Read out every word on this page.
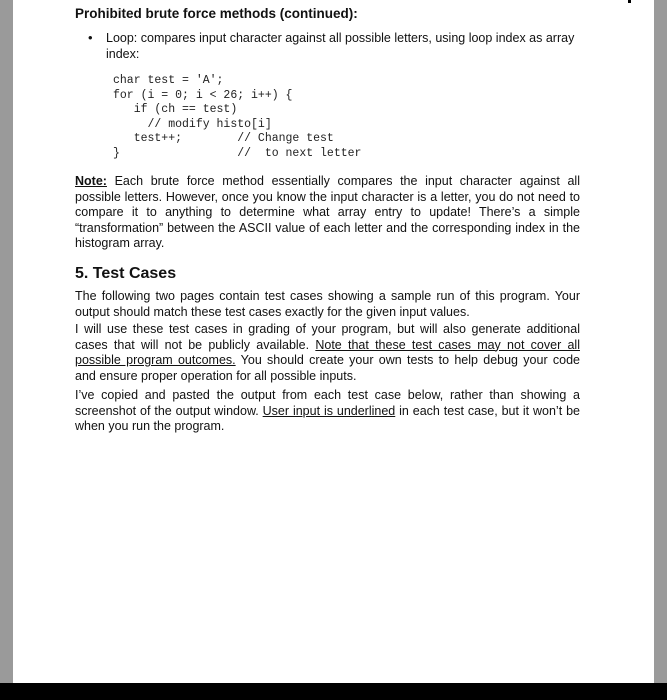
Prohibited brute force methods (continued):

• Loop: compares input character against all possible letters, using loop index as array index:

char test = 'A';
for (i = 0; i < 26; i++) {
if (ch == test)
// modify histo[i]
test++;        // Change test
}                 //  to next letter

Note: Each brute force method essentially compares the input character against all possible letters. However, once you know the input character is a letter, you do not need to compare it to anything to determine what array entry to update! There’s a simple “transformation” between the ASCII value of each letter and the corresponding index in the histogram array.

5. Test Cases

The following two pages contain test cases showing a sample run of this program. Your output should match these test cases exactly for the given input values.

I will use these test cases in grading of your program, but will also generate additional cases that will not be publicly available. Note that these test cases may not cover all possible program outcomes. You should create your own tests to help debug your code and ensure proper operation for all possible inputs.

I’ve copied and pasted the output from each test case below, rather than showing a screenshot of the output window. User input is underlined in each test case, but it won’t be when you run the program.
